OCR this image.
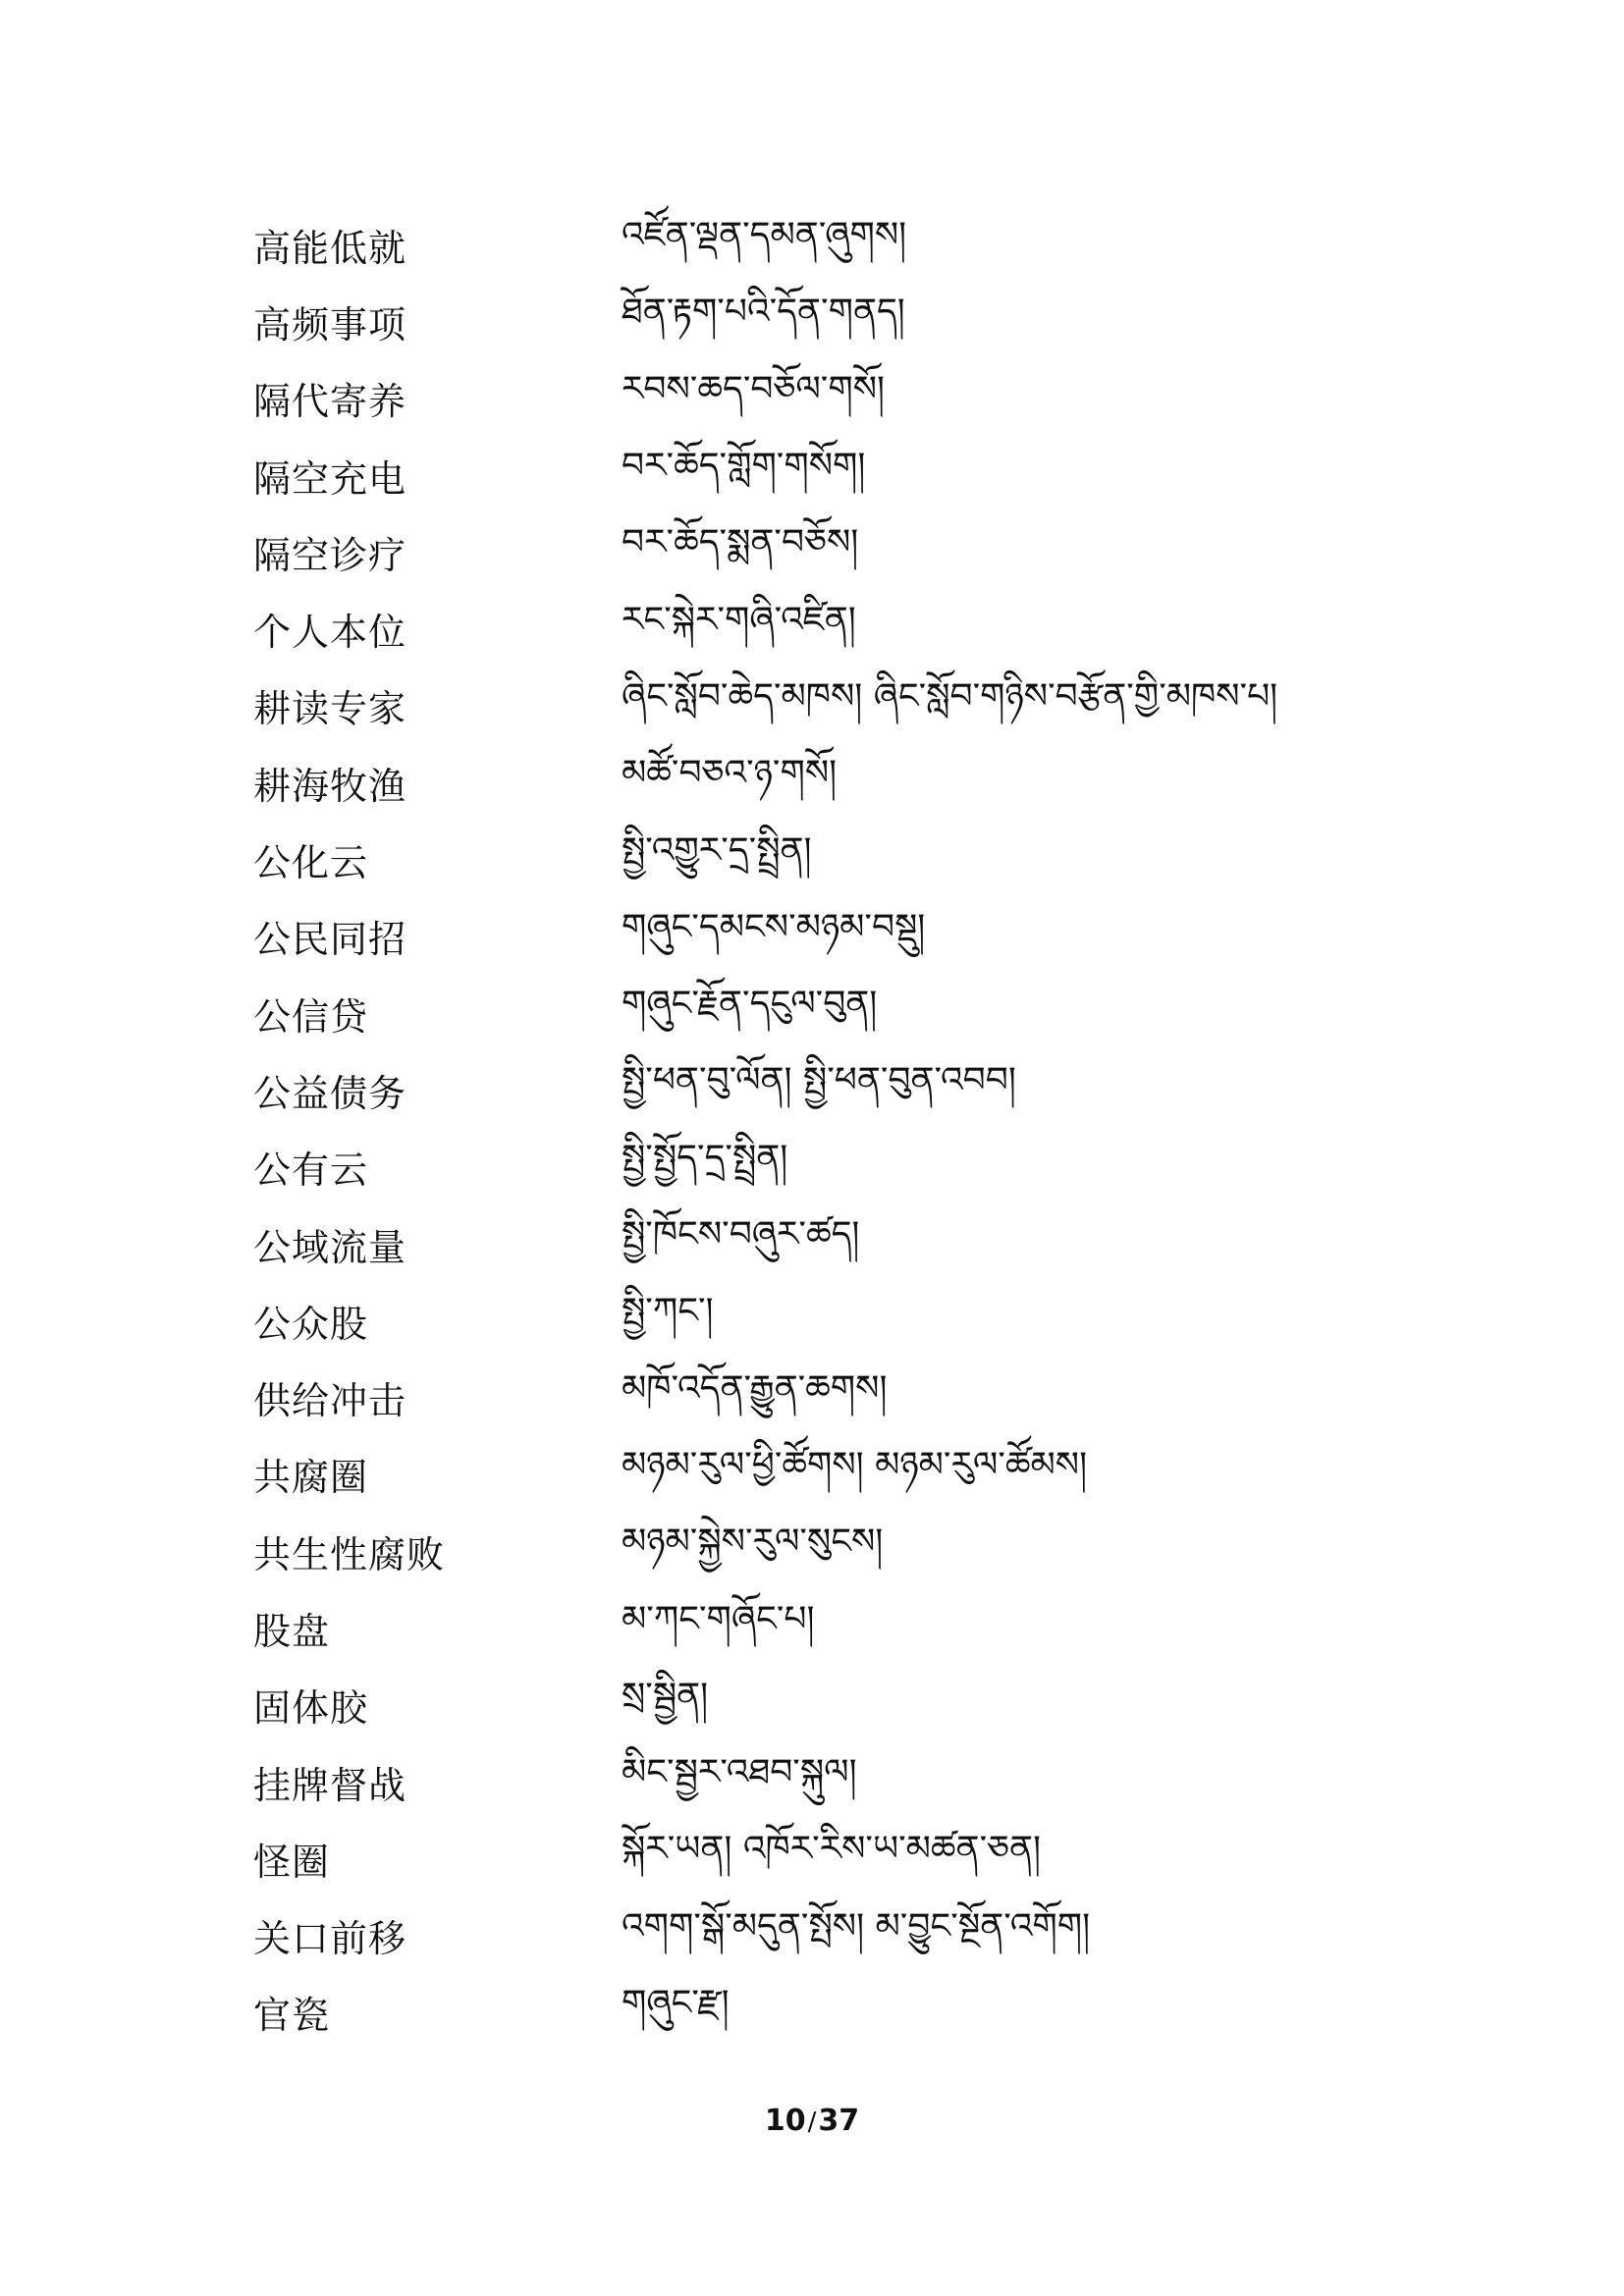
高能低就	འཛོན་ལྡན་དམན་ཞུགས།
高频事项	ཐོན་རྟག་པའི་དོན་གནད།
隔代寄养	རབས་ཆད་བཅོལ་གསོ།
隔空充电	བར་ཆོད་གློག་གསོག།
隔空诊疗	བར་ཆོད་སྨན་བཅོས།
个人本位	རང་སྐེར་གཞི་འཛིན།
耕读专家	ཞིང་སློབ་ཆེད་མཁས། ཞིང་སློབ་གཉིས་བརྩོན་གྱི་མཁས་པ།
耕海牧渔	མཚོ་བཅའ་ཉ་གསོ།
公化云	སྤྱི་འགྱུར་དྲ་སྤྲིན།
公民同招	གཞུང་དམངས་མཉམ་བསྡུ།
公信贷	གཞུང་རྗོན་དངུལ་བུན།
公益债务	སྤྱི་ཕན་བུ་ལོན། སྤྱི་ཕན་བུན་འབབ།
公有云	སྤྱི་སྤྱོད་དྲ་སྤྲིན།
公域流量	སྤྱི་ཁོངས་བཞུར་ཚད།
公众股	སྤྱི་ཀང་།
供给冲击	མཁོ་འདོན་རྒྱུན་ཆགས།
共腐圈	མཉམ་རུལ་ཕྱི་ཚོགས། མཉམ་རུལ་ཚོམས།
共生性腐败	མཉམ་སྐྱེས་རུལ་སུངས།
股盘	མ་ཀང་གཞོང་པ།
固体胶	སྲ་སྦྱིན།
挂牌督战	མིང་སྦྱར་འཐབ་སྐུལ།
怪圈	སྐོར་ཡན། འཁོར་རིས་ཡ་མཚན་ཅན།
关口前移	འགག་སྒོ་མདུན་སྤོས། མ་བྱུང་སྔོན་འགོག།
官瓷	གཞུང་རྫ།
10/37
